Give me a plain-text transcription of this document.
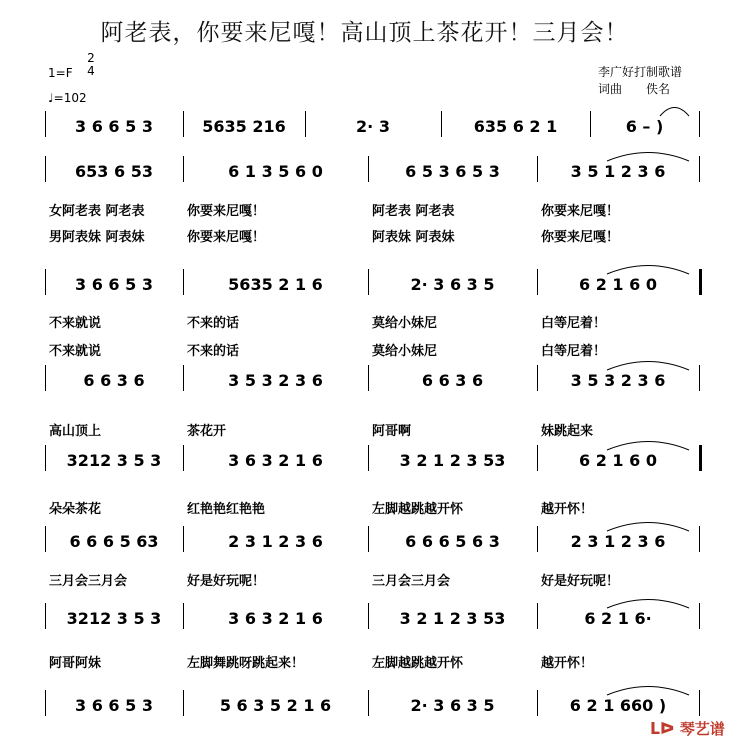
阿老表，你要来尼嘎！高山顶上茶花开！三月会！
1=F
2
4
♩=102
李广好打制歌谱
词曲　　佚名
3 6 6 5 3	5635 216	2· 3	635 6 2 1	6 – )
653 6 53	6 1 3 5 6 0	6 5 3 6 5 3	3 5 1 2 3 6
3 6 6 5 3	5635 2 1 6	2· 3 6 3 5	6 2 1 6 0
6 6 3 6	3 5 3 2 3 6	6 6 3 6	3 5 3 2 3 6
3212 3 5 3	3 6 3 2 1 6	3 2 1 2 3 53	6 2 1 6 0
6 6 6 5 63	2 3 1 2 3 6	6 6 6 5 6 3	2 3 1 2 3 6
3212 3 5 3	3 6 3 2 1 6	3 2 1 2 3 53	6 2 1 6·
3 6 6 5 3	5 6 3 5 2 1 6	2· 3 6 3 5	6 2 1 660 )
女阿老表 阿老表	你要来尼嘎！	阿老表 阿老表	你要来尼嘎！
男阿表妹 阿表妹	你要来尼嘎！	阿表妹 阿表妹	你要来尼嘎！
不来就说	不来的话	莫给小妹尼	白等尼着！
不来就说	不来的话	莫给小妹尼	白等尼着！
高山顶上	茶花开	阿哥啊	妹跳起来
朵朵茶花	红艳艳红艳艳	左脚越跳越开怀	越开怀！
三月会三月会	好是好玩呢！	三月会三月会	好是好玩呢！
阿哥阿妹	左脚舞跳呀跳起来！	左脚越跳越开怀	越开怀！
ᒪᐅ 琴艺谱
